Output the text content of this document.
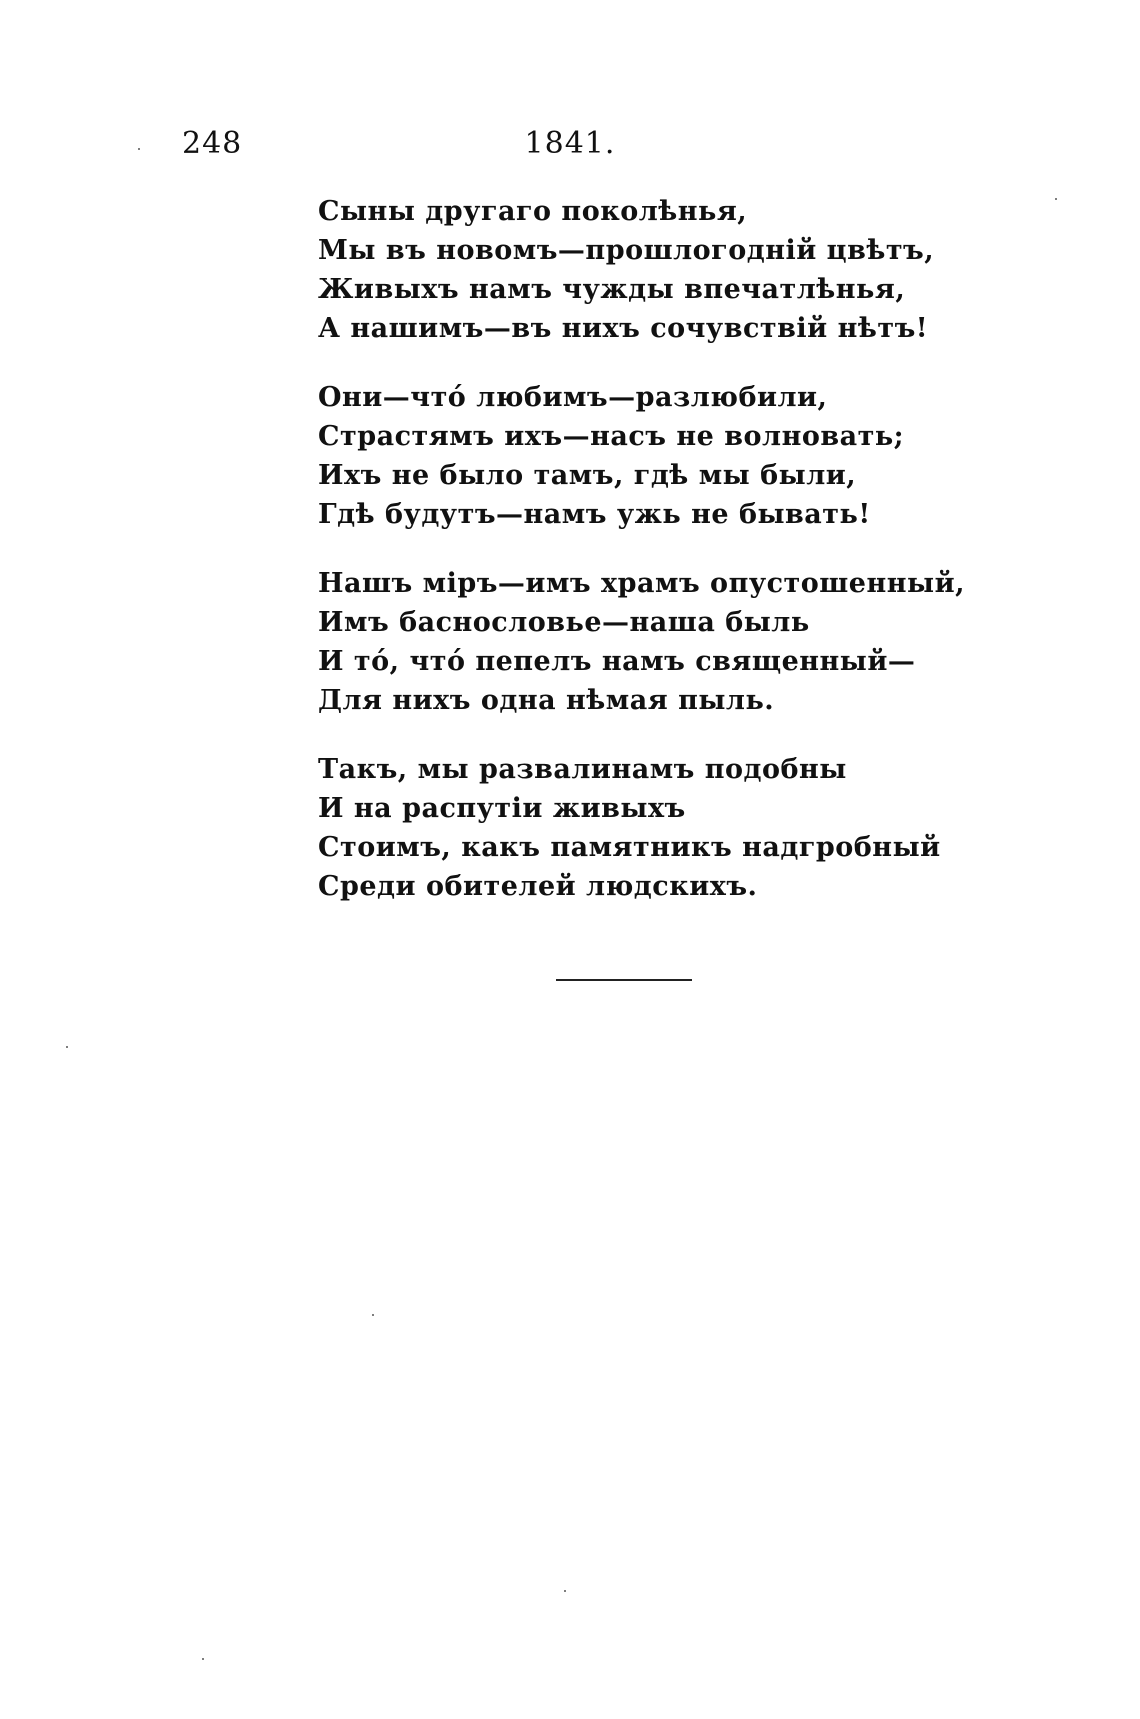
248	1841.
Сыны другаго поколѣнья,
Мы въ новомъ—прошлогодній цвѣтъ,
Живыхъ намъ чужды впечатлѣнья,
А нашимъ—въ нихъ сочувствій нѣтъ!
Они—что́ любимъ—разлюбили,
Страстямъ ихъ—насъ не волновать;
Ихъ не было тамъ, гдѣ мы были,
Гдѣ будутъ—намъ ужь не бывать!
Нашъ міръ—имъ храмъ опустошенный,
Имъ баснословье—наша быль
И то́, что́ пепелъ намъ священный—
Для нихъ одна нѣмая пыль.
Такъ, мы развалинамъ подобны
И на распутіи живыхъ
Стоимъ, какъ памятникъ надгробный
Среди обителей людскихъ.
